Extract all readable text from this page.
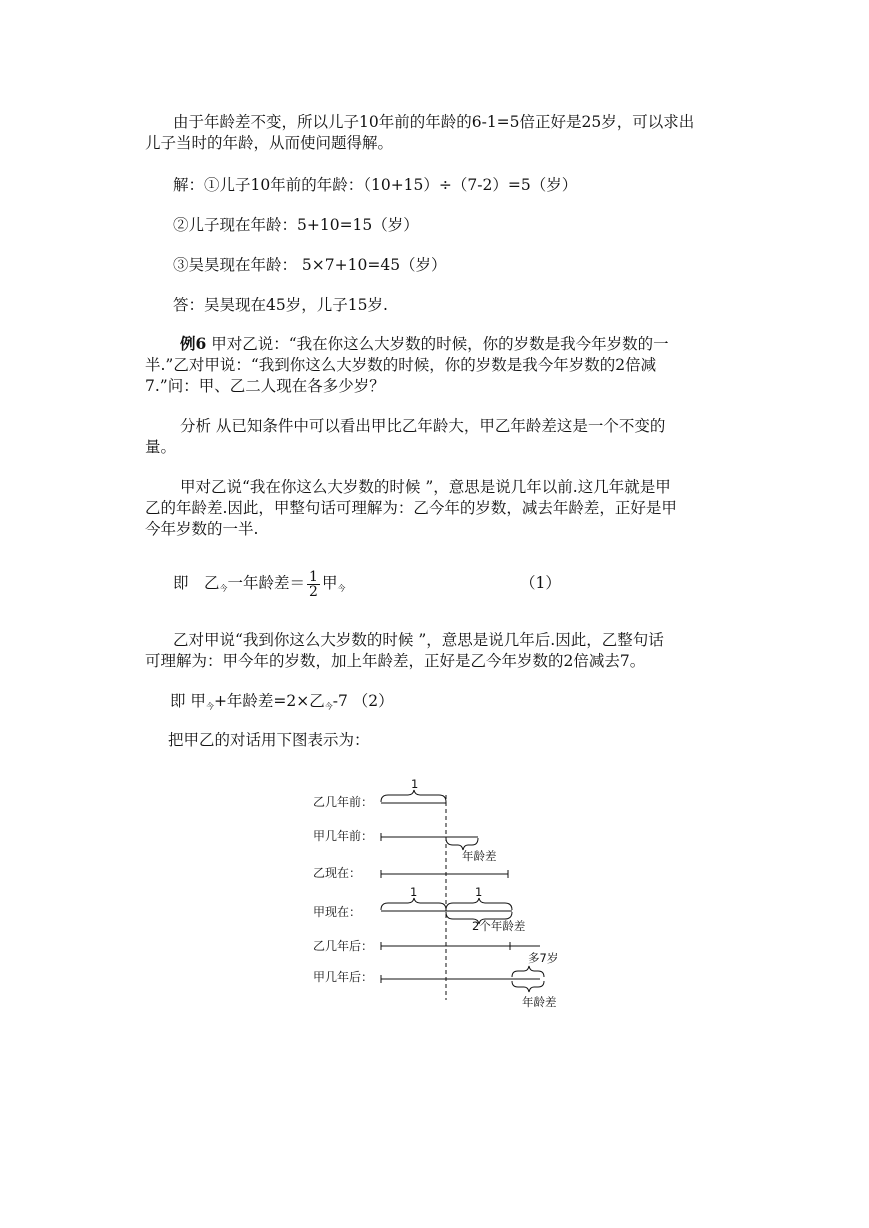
由于年龄差不变，所以儿子10年前的年龄的6-1=5倍正好是25岁，可以求出
儿子当时的年龄，从而使问题得解。
解：①儿子10年前的年龄：（10+15）÷（7-2）=5（岁）
②儿子现在年龄：5+10=15（岁）
③吴昊现在年龄： 5×7+10=45（岁）
答：吴昊现在45岁，儿子15岁.
例6 甲对乙说：“我在你这么大岁数的时候，你的岁数是我今年岁数的一
半.”乙对甲说：“我到你这么大岁数的时候，你的岁数是我今年岁数的2倍减
7.”问：甲、乙二人现在各多少岁？
分析 从已知条件中可以看出甲比乙年龄大，甲乙年龄差这是一个不变的
量。
甲对乙说“我在你这么大岁数的时候 ”，意思是说几年以前.这几年就是甲
乙的年龄差.因此，甲整句话可理解为：乙今年的岁数，减去年龄差，正好是甲
今年岁数的一半.
即　乙$_今$一年龄差＝ $\frac{1}{2}$ 甲$_今$	（1）
乙对甲说“我到你这么大岁数的时候 ”，意思是说几年后.因此，乙整句话
可理解为：甲今年的岁数，加上年龄差，正好是乙今年岁数的2倍减去7。
即 甲$_今$+年龄差=2×乙$_今$-7 （2）
把甲乙的对话用下图表示为：
乙几年前：
甲几年前：
乙现在：
甲现在：
乙几年后：
甲几年后：
1
年龄差
1	1
2个年龄差
多7岁
年龄差
